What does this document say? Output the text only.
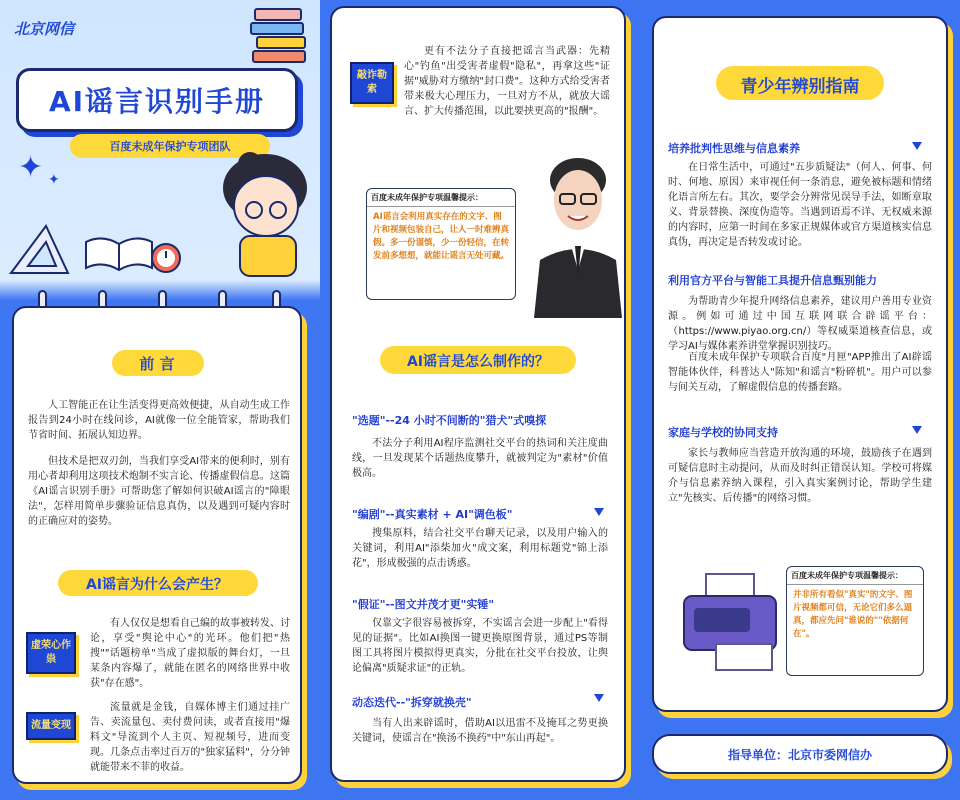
北京网信
AI谣言识别手册
百度未成年保护专项团队
✦ ✦
前 言
人工智能正在让生活变得更高效便捷，从自动生成工作报告到24小时在线问诊，AI就像一位全能管家，帮助我们节省时间、拓展认知边界。
但技术是把双刃剑，当我们享受AI带来的便利时，别有用心者却利用这项技术炮制不实言论、传播虚假信息。这篇《AI谣言识别手册》可帮助您了解如何识破AI谣言的"障眼法"，怎样用简单步骤验证信息真伪，以及遇到可疑内容时的正确应对的姿势。
AI谣言为什么会产生？
虚荣心作祟
有人仅仅是想看自己编的故事被转发、讨论，享受"舆论中心"的光环。他们把"热搜""话题榜单"当成了虚拟版的舞台灯，一旦某条内容爆了，就能在匿名的网络世界中收获"存在感"。
流量变现
流量就是金钱，自媒体博主们通过挂广告、卖流量包、卖付费问读，或者直接用"爆料文"导流到个人主页、短视频号，进而变现。几条点击率过百万的"独家猛料"，分分钟就能带来不菲的收益。
敲诈勒索
更有不法分子直接把谣言当武器：先精心"钓鱼"出受害者虚假"隐私"，再拿这些"证据"威胁对方缴纳"封口费"。这种方式给受害者带来极大心理压力，一旦对方不从，就放大谣言、扩大传播范围，以此要挟更高的"报酬"。
百度未成年保护专项温馨提示：
AI谣言会利用真实存在的文字、图片和视频包装自己，让人一时难辨真假。多一份谨慎，少一份轻信，在转发前多想想，就能让谣言无处可藏。
AI谣言是怎么制作的？
"选题"--24 小时不间断的"猎犬"式嗅探
不法分子利用AI程序监测社交平台的热词和关注度曲线，一旦发现某个话题热度攀升，就被判定为"素材"价值极高。
"编剧"--真实素材 + AI"调色板"
搜集原料，结合社交平台聊天记录，以及用户输入的关键词，利用AI"添柴加火"成文案，利用标题党"锦上添花"，形成极强的点击诱惑。
"假证"--图文并茂才更"实锤"
仅靠文字很容易被拆穿，不实谣言会进一步配上"看得见的证据"。比如AI换图一键更换原图背景，通过PS等制图工具将图片模拟得更真实，分批在社交平台投放，让舆论偏离"质疑求证"的正轨。
动态迭代--"拆穿就换壳"
当有人出来辟谣时，借助AI以迅雷不及掩耳之势更换关键词，使谣言在"换汤不换药"中"东山再起"。
青少年辨别指南
培养批判性思维与信息素养
在日常生活中，可通过"五步质疑法"（何人、何事、何时、何地、原因）来审视任何一条消息，避免被标题和情绪化语言所左右。其次，要学会分辨常见误导手法，如断章取义、背景替换、深度伪造等。当遇到语焉不详、无权威来源的内容时，应第一时间在多家正规媒体或官方渠道核实信息真伪，再决定是否转发或讨论。
利用官方平台与智能工具提升信息甄别能力
为帮助青少年提升网络信息素养，建议用户善用专业资源。例如可通过中国互联网联合辟谣平台：（https://www.piyao.org.cn/）等权威渠道核查信息，或学习AI与媒体素养讲堂掌握识别技巧。
百度未成年保护专项联合百度"月匣"APP推出了AI辟谣智能体伙伴，科普达人"陈知"和谣言"粉碎机"。用户可以参与间关互动，了解虚假信息的传播套路。
家庭与学校的协同支持
家长与教师应当营造开放沟通的环境，鼓励孩子在遇到可疑信息时主动提问，从而及时纠正错误认知。学校可将媒介与信息素养纳入课程，引入真实案例讨论，帮助学生建立"先核实、后传播"的网络习惯。
百度未成年保护专项温馨提示：
并非所有看似"真实"的文字、图片视频都可信，无论它们多么逼真，都应先问"谁说的""依据何在"。
指导单位：北京市委网信办
